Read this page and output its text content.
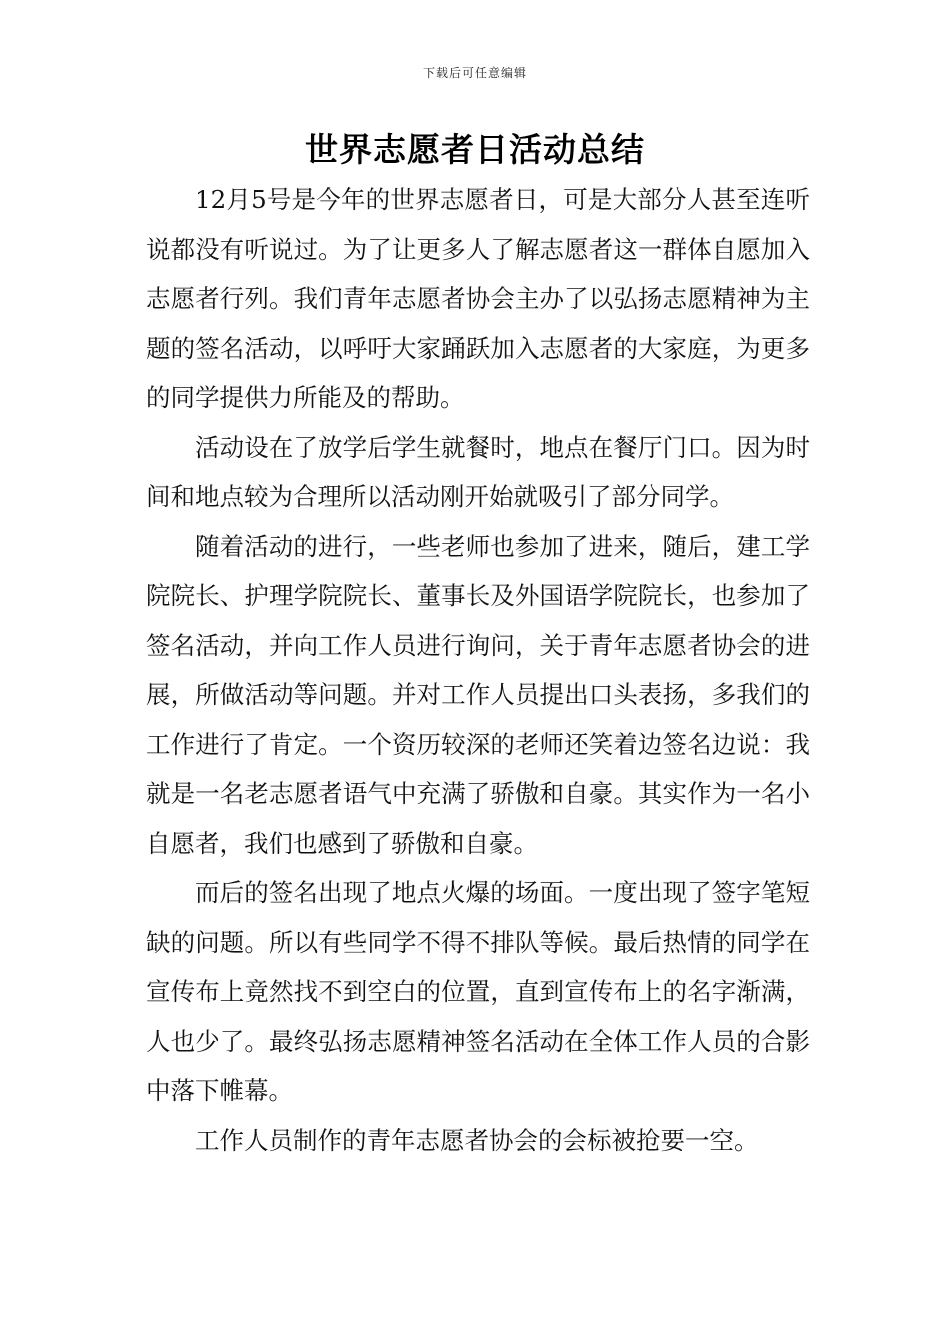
下载后可任意编辑
世界志愿者日活动总结

12月5号是今年的世界志愿者日，可是大部分人甚至连听说都没有听说过。为了让更多人了解志愿者这一群体自愿加入志愿者行列。我们青年志愿者协会主办了以弘扬志愿精神为主题的签名活动，以呼吁大家踊跃加入志愿者的大家庭，为更多的同学提供力所能及的帮助。

活动设在了放学后学生就餐时，地点在餐厅门口。因为时间和地点较为合理所以活动刚开始就吸引了部分同学。

随着活动的进行，一些老师也参加了进来，随后，建工学院院长、护理学院院长、董事长及外国语学院院长，也参加了签名活动，并向工作人员进行询问，关于青年志愿者协会的进展，所做活动等问题。并对工作人员提出口头表扬，多我们的工作进行了肯定。一个资历较深的老师还笑着边签名边说：我就是一名老志愿者语气中充满了骄傲和自豪。其实作为一名小自愿者，我们也感到了骄傲和自豪。

而后的签名出现了地点火爆的场面。一度出现了签字笔短缺的问题。所以有些同学不得不排队等候。最后热情的同学在宣传布上竟然找不到空白的位置，直到宣传布上的名字渐满，人也少了。最终弘扬志愿精神签名活动在全体工作人员的合影中落下帷幕。

工作人员制作的青年志愿者协会的会标被抢要一空。
